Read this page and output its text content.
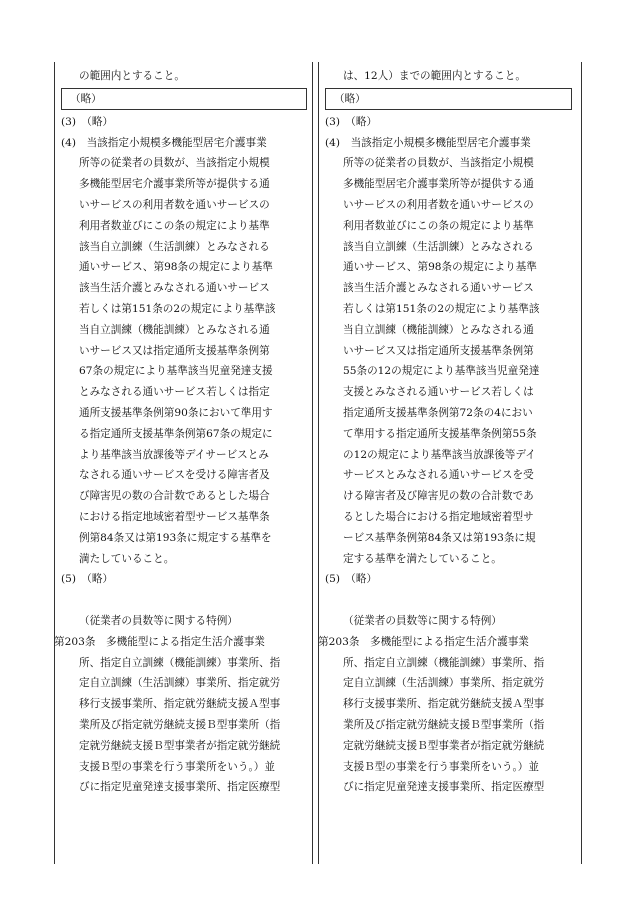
の範囲内とすること。
（略）
(3)　（略）
(4)　当該指定小規模多機能型居宅介護事業
所等の従業者の員数が、当該指定小規模
多機能型居宅介護事業所等が提供する通
いサービスの利用者数を通いサービスの
利用者数並びにこの条の規定により基準
該当自立訓練（生活訓練）とみなされる
通いサービス、第98条の規定により基準
該当生活介護とみなされる通いサービス
若しくは第151条の2の規定により基準該
当自立訓練（機能訓練）とみなされる通
いサービス又は指定通所支援基準条例第
67条の規定により基準該当児童発達支援
とみなされる通いサービス若しくは指定
通所支援基準条例第90条において準用す
る指定通所支援基準条例第67条の規定に
より基準該当放課後等デイサービスとみ
なされる通いサービスを受ける障害者及
び障害児の数の合計数であるとした場合
における指定地域密着型サービス基準条
例第84条又は第193条に規定する基準を
満たしていること。
(5)　（略）
（従業者の員数等に関する特例）
第203条　多機能型による指定生活介護事業
所、指定自立訓練（機能訓練）事業所、指
定自立訓練（生活訓練）事業所、指定就労
移行支援事業所、指定就労継続支援Ａ型事
業所及び指定就労継続支援Ｂ型事業所（指
定就労継続支援Ｂ型事業者が指定就労継続
支援Ｂ型の事業を行う事業所をいう。）並
びに指定児童発達支援事業所、指定医療型
は、12人）までの範囲内とすること。
（略）
(3)　（略）
(4)　当該指定小規模多機能型居宅介護事業
所等の従業者の員数が、当該指定小規模
多機能型居宅介護事業所等が提供する通
いサービスの利用者数を通いサービスの
利用者数並びにこの条の規定により基準
該当自立訓練（生活訓練）とみなされる
通いサービス、第98条の規定により基準
該当生活介護とみなされる通いサービス
若しくは第151条の2の規定により基準該
当自立訓練（機能訓練）とみなされる通
いサービス又は指定通所支援基準条例第
55条の12の規定により基準該当児童発達
支援とみなされる通いサービス若しくは
指定通所支援基準条例第72条の4におい
て準用する指定通所支援基準条例第55条
の12の規定により基準該当放課後等デイ
サービスとみなされる通いサービスを受
ける障害者及び障害児の数の合計数であ
るとした場合における指定地域密着型サ
ービス基準条例第84条又は第193条に規
定する基準を満たしていること。
(5)　（略）
（従業者の員数等に関する特例）
第203条　多機能型による指定生活介護事業
所、指定自立訓練（機能訓練）事業所、指
定自立訓練（生活訓練）事業所、指定就労
移行支援事業所、指定就労継続支援Ａ型事
業所及び指定就労継続支援Ｂ型事業所（指
定就労継続支援Ｂ型事業者が指定就労継続
支援Ｂ型の事業を行う事業所をいう。）並
びに指定児童発達支援事業所、指定医療型
